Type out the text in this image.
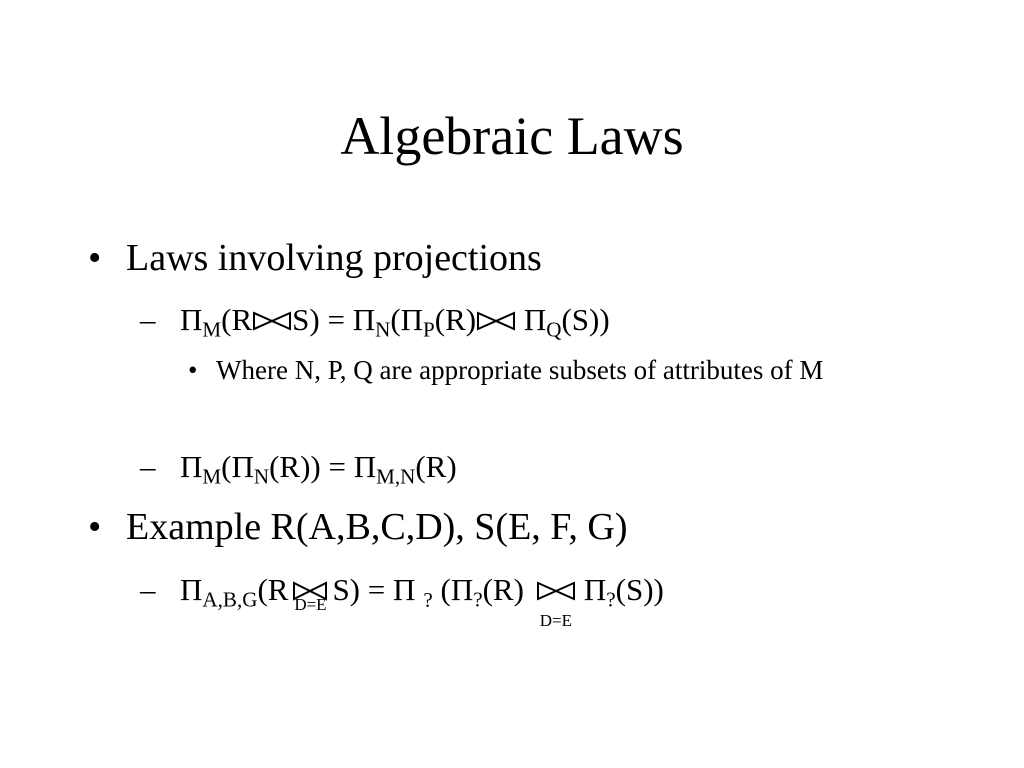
Algebraic Laws
• Laws involving projections
– $\Pi_M(R$ $S) = \Pi_N(\Pi_P(R)$ $\Pi_Q(S)$)
• Where N, P, Q are appropriate subsets of attributes of M
– $\Pi_M(\Pi_N(R)) = \Pi_{M,N}(R)$
• Example R(A,B,C,D), S(E, F, G)
– $\Pi_{A,B,G}(R$ D=E S) = Π $_?$ ($\Pi_?(R)$
D=E
$\Pi_?(S)$)
